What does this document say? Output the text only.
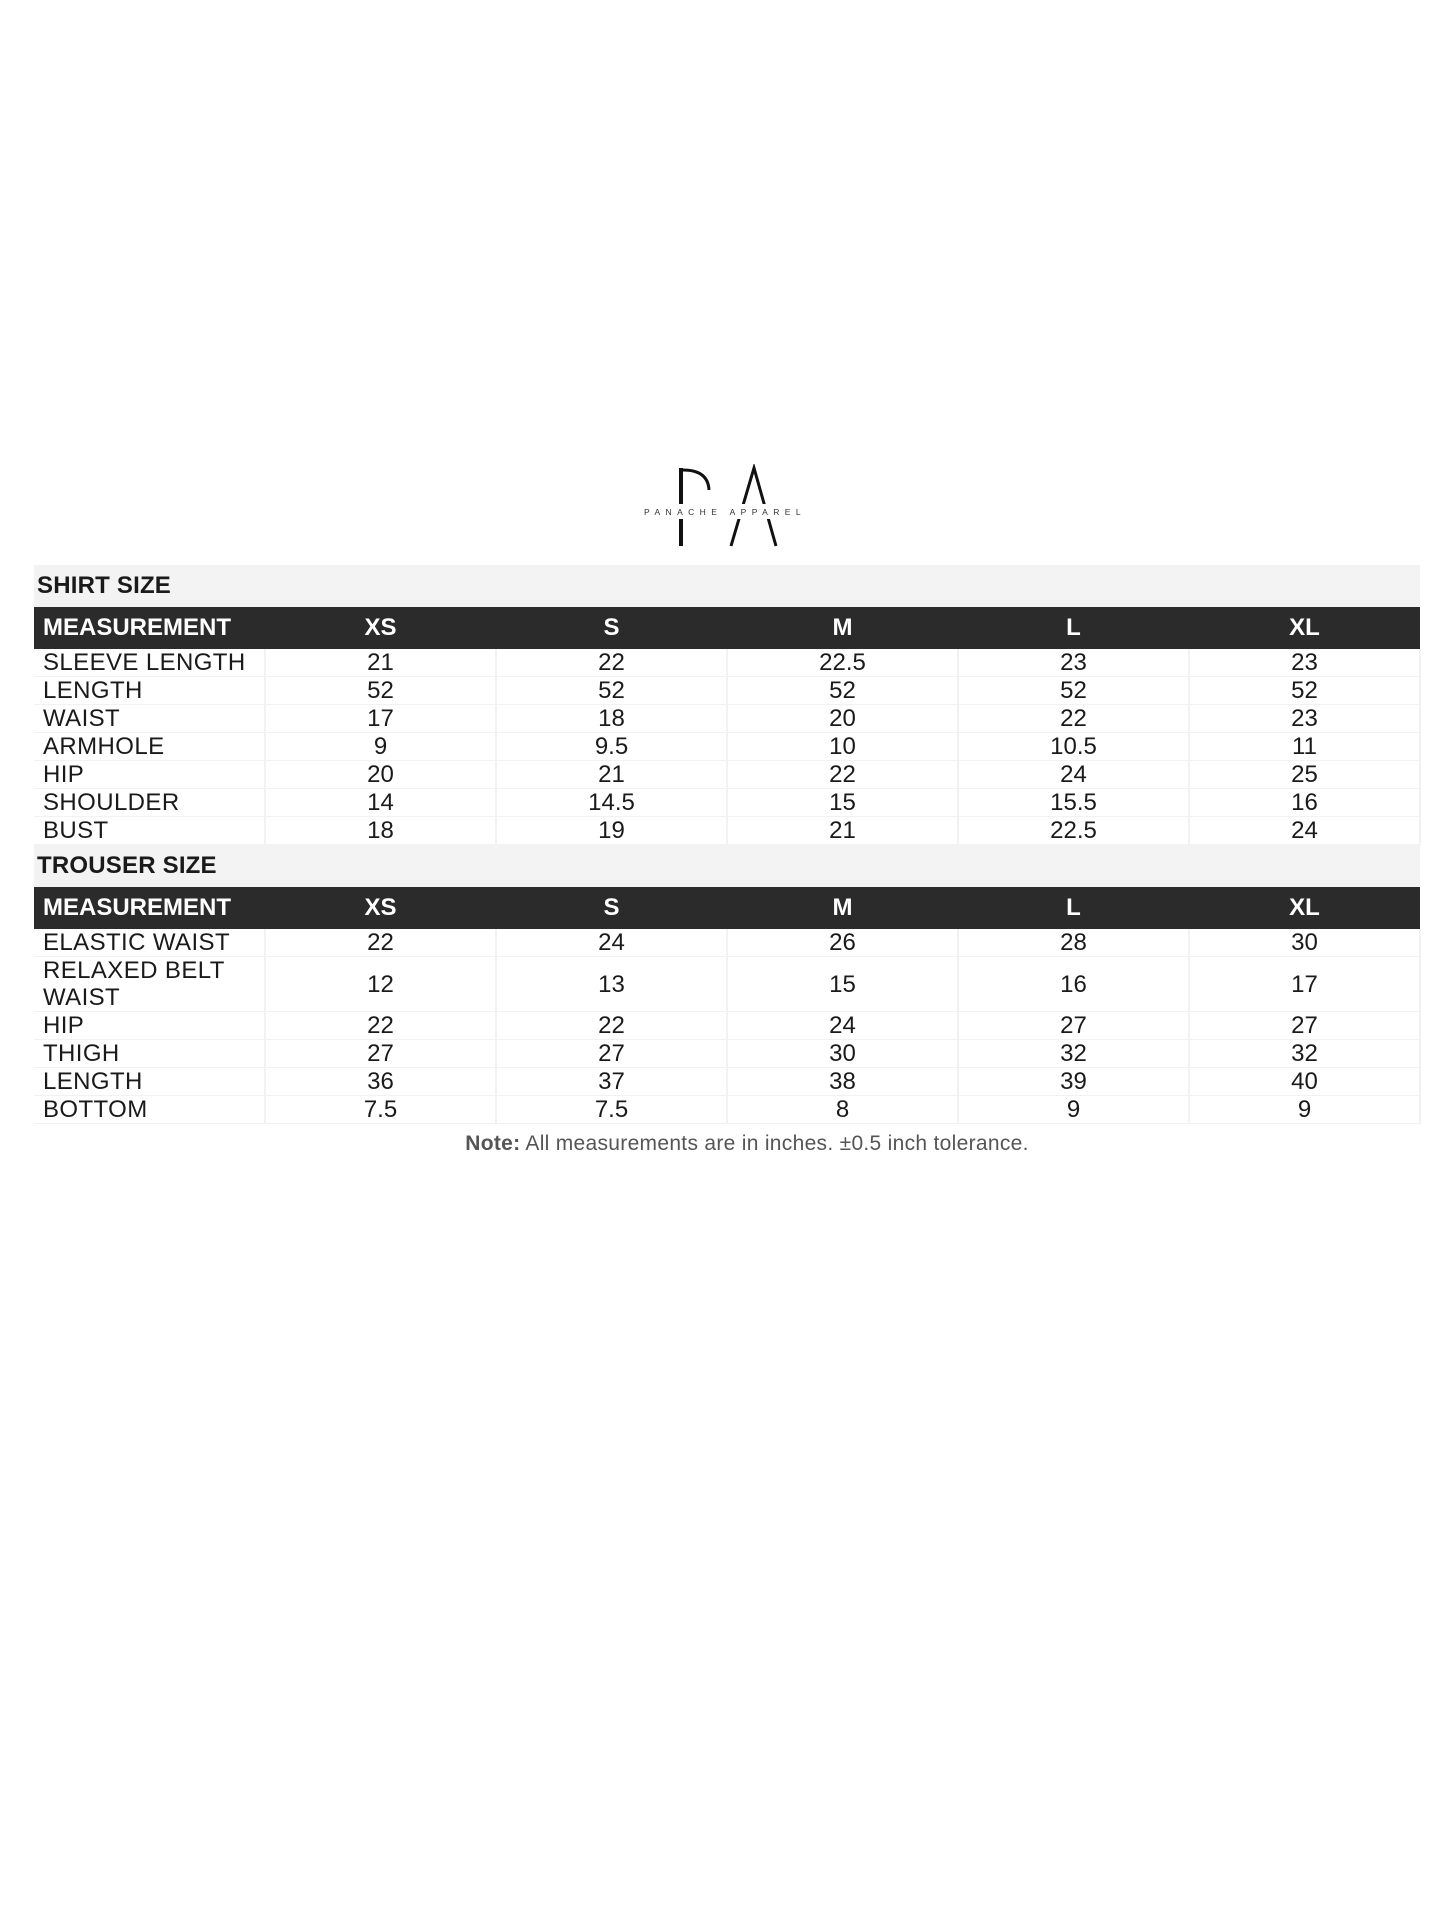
PANACHE APPAREL
SHIRT SIZE
MEASUREMENT	XS	S	M	L	XL
SLEEVE LENGTH	21	22	22.5	23	23
LENGTH	52	52	52	52	52
WAIST	17	18	20	22	23
ARMHOLE	9	9.5	10	10.5	11
HIP	20	21	22	24	25
SHOULDER	14	14.5	15	15.5	16
BUST	18	19	21	22.5	24
TROUSER SIZE
MEASUREMENT	XS	S	M	L	XL
ELASTIC WAIST	22	24	26	28	30
RELAXED BELT WAIST	12	13	15	16	17
HIP	22	22	24	27	27
THIGH	27	27	30	32	32
LENGTH	36	37	38	39	40
BOTTOM	7.5	7.5	8	9	9
Note: All measurements are in inches. ±0.5 inch tolerance.
